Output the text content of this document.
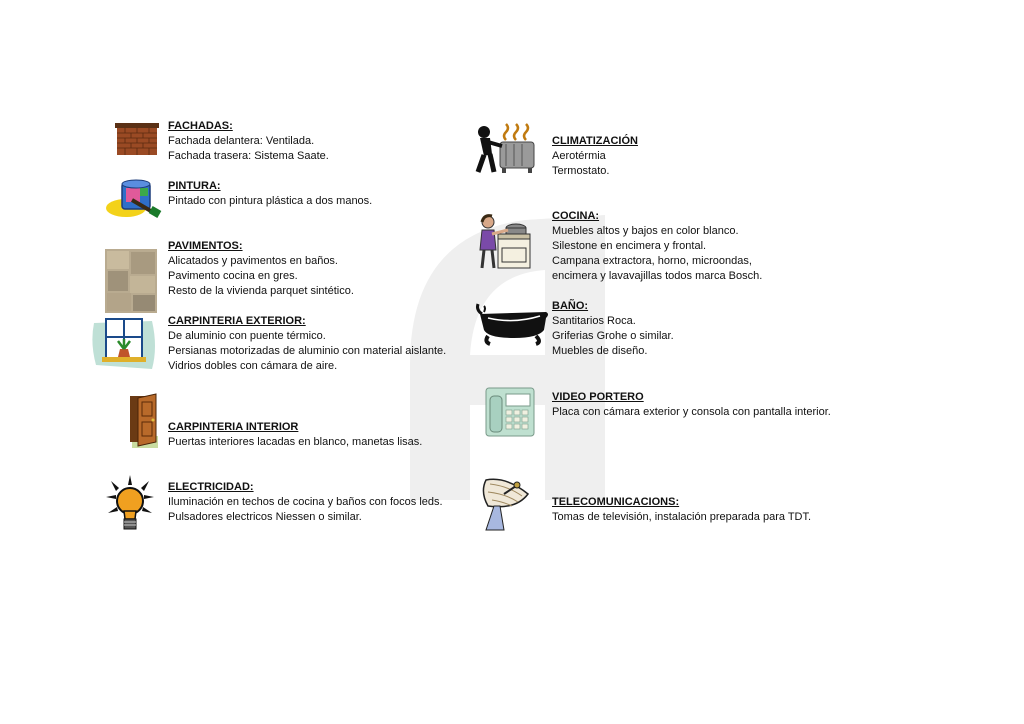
FACHADAS:

Fachada delantera: Ventilada.

Fachada trasera: Sistema Saate.

PINTURA:

Pintado con pintura plástica a dos manos.

PAVIMENTOS:

Alicatados y pavimentos en baños.

Pavimento cocina en gres.

Resto de la vivienda parquet sintético.

CARPINTERIA EXTERIOR:

De aluminio con puente térmico.

Persianas motorizadas de aluminio con material aislante.

Vidrios dobles con cámara de aire.

CARPINTERIA INTERIOR

Puertas interiores lacadas en blanco, manetas lisas.

ELECTRICIDAD:

Iluminación en techos de cocina y baños con focos leds.

Pulsadores electricos Niessen o similar.

CLIMATIZACIÓN

Aerotérmia

Termostato.

COCINA:

Muebles altos y bajos en color blanco.

Silestone en encimera y frontal.

Campana extractora, horno, microondas,

encimera y lavavajillas todos marca Bosch.

BAÑO:

Santitarios Roca.

Griferias Grohe o similar.

Muebles de diseño.

VIDEO PORTERO

Placa con cámara exterior y consola con pantalla interior.

TELECOMUNICACIONS:

Tomas de televisión, instalación preparada para TDT.
